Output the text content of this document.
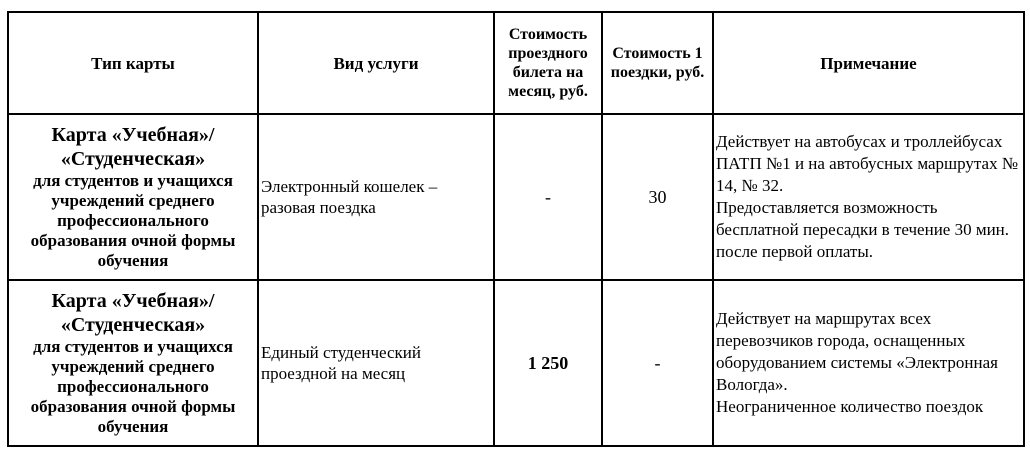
Тип карты	Вид услуги	Стоимость проездного билета на месяц, руб.	Стоимость 1 поездки, руб.	Примечание

Карта «Учебная»/ «Студенческая»
для студентов и учащихся учреждений среднего профессионального образования очной формы обучения	Электронный кошелек – разовая поездка	-	30	Действует на автобусах и троллейбусах ПАТП №1 и на автобусных маршрутах № 14, № 32.
Предоставляется возможность бесплатной пересадки в течение 30 мин. после первой оплаты.

Карта «Учебная»/ «Студенческая»
для студентов и учащихся учреждений среднего профессионального образования очной формы обучения	Единый студенческий проездной на месяц	1 250	-	Действует на маршрутах всех перевозчиков города, оснащенных оборудованием системы «Электронная Вологда».
Неограниченное количество поездок
